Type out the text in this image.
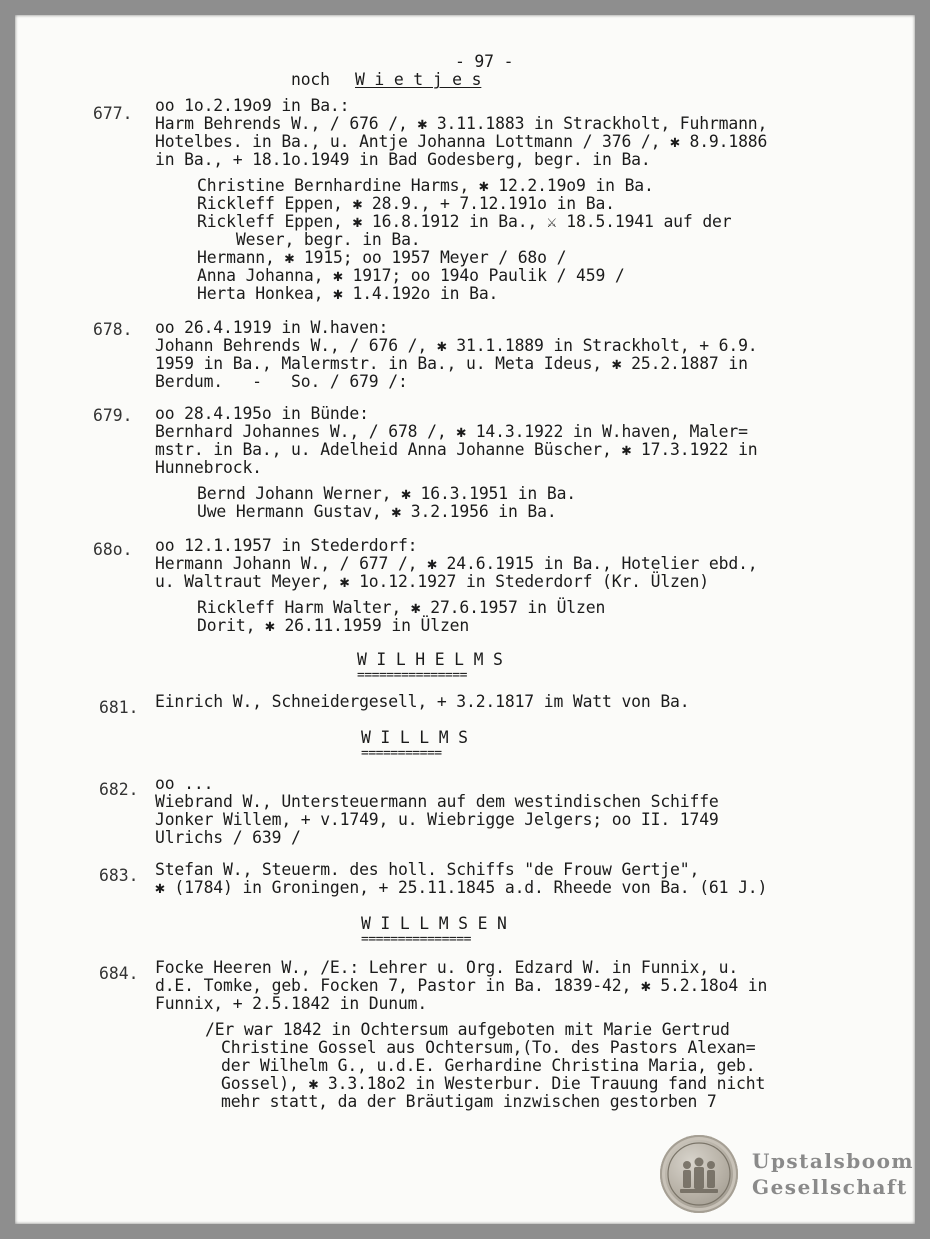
- 97 -
noch W i e t j e s
677. oo 1o.2.19o9 in Ba.:
Harm Behrends W., / 676 /, ✱ 3.11.1883 in Strackholt, Fuhrmann,
Hotelbes. in Ba., u. Antje Johanna Lottmann / 376 /, ✱ 8.9.1886
in Ba., + 18.1o.1949 in Bad Godesberg, begr. in Ba.
Christine Bernhardine Harms, ✱ 12.2.19o9 in Ba.
Rickleff Eppen, ✱ 28.9., + 7.12.191o in Ba.
Rickleff Eppen, ✱ 16.8.1912 in Ba., ⚔ 18.5.1941 auf der
Weser, begr. in Ba.
Hermann, ✱ 1915; oo 1957 Meyer / 68o /
Anna Johanna, ✱ 1917; oo 194o Paulik / 459 /
Herta Honkea, ✱ 1.4.192o in Ba.
678. oo 26.4.1919 in W.haven:
Johann Behrends W., / 676 /, ✱ 31.1.1889 in Strackholt, + 6.9.
1959 in Ba., Malermstr. in Ba., u. Meta Ideus, ✱ 25.2.1887 in
Berdum.   -   So. / 679 /:
679. oo 28.4.195o in Bünde:
Bernhard Johannes W., / 678 /, ✱ 14.3.1922 in W.haven, Maler=
mstr. in Ba., u. Adelheid Anna Johanne Büscher, ✱ 17.3.1922 in
Hunnebrock.
Bernd Johann Werner, ✱ 16.3.1951 in Ba.
Uwe Hermann Gustav, ✱ 3.2.1956 in Ba.
68o. oo 12.1.1957 in Stederdorf:
Hermann Johann W., / 677 /, ✱ 24.6.1915 in Ba., Hotelier ebd.,
u. Waltraut Meyer, ✱ 1o.12.1927 in Stederdorf (Kr. Ülzen)
Rickleff Harm Walter, ✱ 27.6.1957 in Ülzen
Dorit, ✱ 26.11.1959 in Ülzen
W I L H E L M S
===============
681. Einrich W., Schneidergesell, + 3.2.1817 im Watt von Ba.
W I L L M S
===========
682. oo ...
Wiebrand W., Untersteuermann auf dem westindischen Schiffe
Jonker Willem, + v.1749, u. Wiebrigge Jelgers; oo II. 1749
Ulrichs / 639 /
683. Stefan W., Steuerm. des holl. Schiffs "de Frouw Gertje",
✱ (1784) in Groningen, + 25.11.1845 a.d. Rheede von Ba. (61 J.)
W I L L M S E N
===============
684. Focke Heeren W., /E.: Lehrer u. Org. Edzard W. in Funnix, u.
d.E. Tomke, geb. Focken 7, Pastor in Ba. 1839-42, ✱ 5.2.18o4 in
Funnix, + 2.5.1842 in Dunum.
/Er war 1842 in Ochtersum aufgeboten mit Marie Gertrud
Christine Gossel aus Ochtersum,(To. des Pastors Alexan=
der Wilhelm G., u.d.E. Gerhardine Christina Maria, geb.
Gossel), ✱ 3.3.18o2 in Westerbur. Die Trauung fand nicht
mehr statt, da der Bräutigam inzwischen gestorben 7
Upstalsboom
Gesellschaft
